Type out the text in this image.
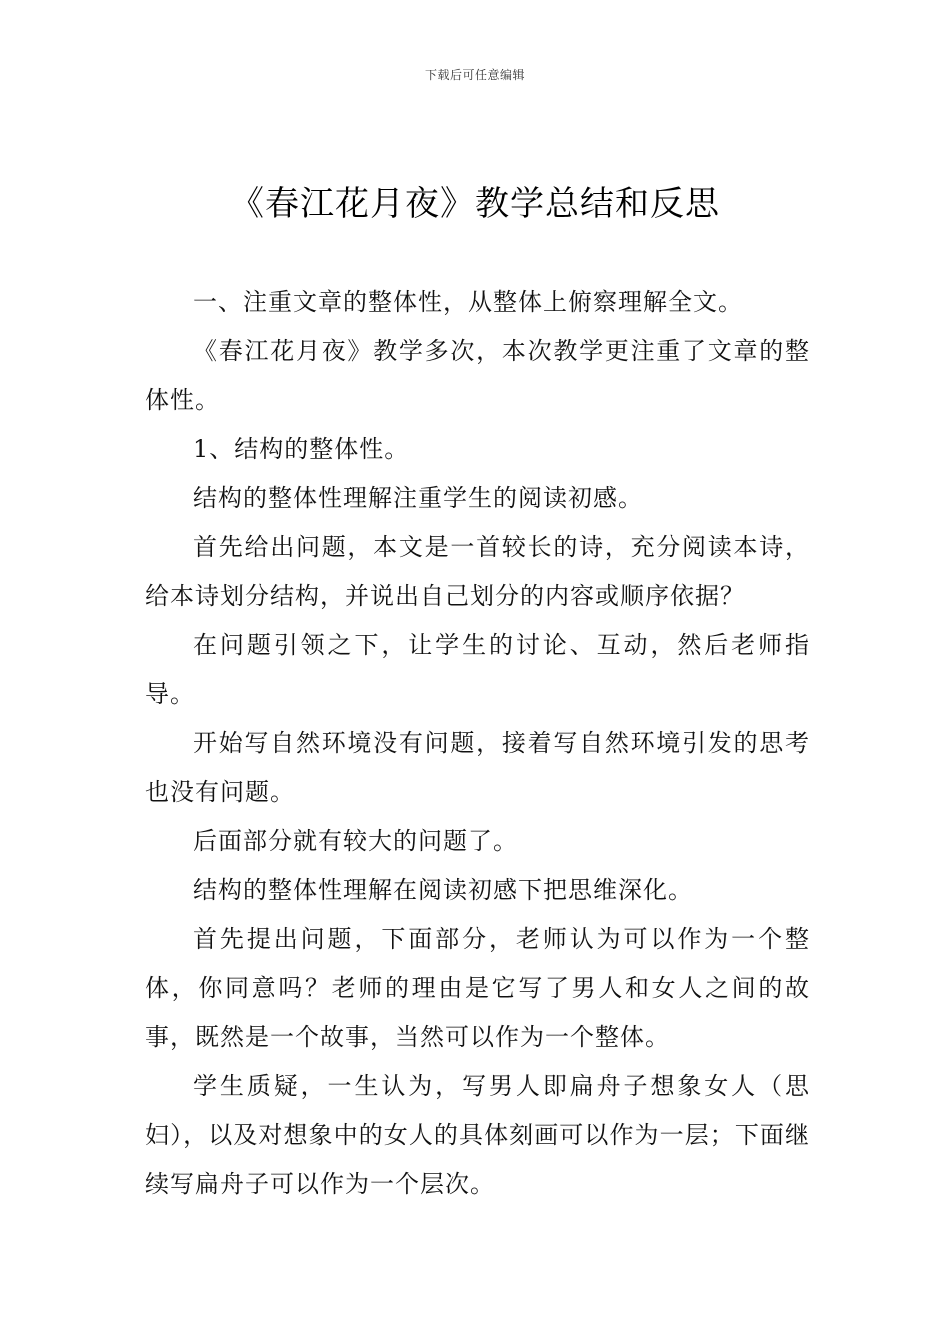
下载后可任意编辑
《春江花月夜》教学总结和反思

一、注重文章的整体性，从整体上俯察理解全文。

《春江花月夜》教学多次，本次教学更注重了文章的整体性。

1、结构的整体性。

结构的整体性理解注重学生的阅读初感。

首先给出问题，本文是一首较长的诗，充分阅读本诗，给本诗划分结构，并说出自己划分的内容或顺序依据？

在问题引领之下，让学生的讨论、互动，然后老师指导。

开始写自然环境没有问题，接着写自然环境引发的思考也没有问题。

后面部分就有较大的问题了。

结构的整体性理解在阅读初感下把思维深化。

首先提出问题，下面部分，老师认为可以作为一个整体，你同意吗？老师的理由是它写了男人和女人之间的故事，既然是一个故事，当然可以作为一个整体。

学生质疑，一生认为，写男人即扁舟子想象女人（思妇），以及对想象中的女人的具体刻画可以作为一层；下面继续写扁舟子可以作为一个层次。
